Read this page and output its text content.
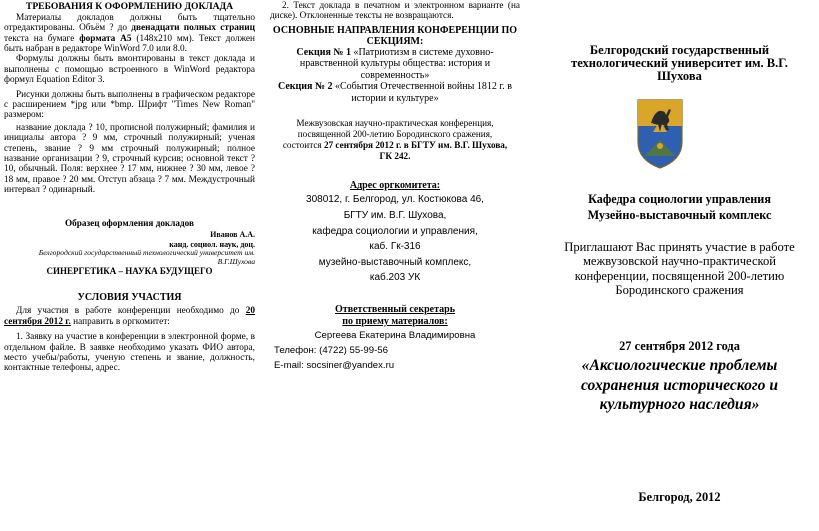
ТРЕБОВАНИЯ К ОФОРМЛЕНИЮ ДОКЛАДА

Материалы докладов должны быть тщательно отредактированы. Объём ? до двенадцати полных страниц текста на бумаге формата А5 (148x210 мм). Текст должен быть набран в редакторе WinWord 7.0 или 8.0.

Формулы должны быть вмонтированы в текст доклада и выполнены с помощью встроенного в WinWord редактора формул Equation Editor 3.

Рисунки должны быть выполнены в графическом редакторе с расширением *jpg или *bmp. Шрифт "Times New Roman" размером:

название доклада ? 10, прописной полужирный; фамилия и инициалы автора ? 9 мм, строчный полужирный; ученая степень, звание ? 9 мм строчный полужирный; полное название организации ? 9, строчный курсив; основной текст ? 10, обычный. Поля: верхнее ? 17 мм, нижнее ? 30 мм, левое ?18 мм, правое ? 20 мм. Отступ абзаца ? 7 мм. Междустрочный интервал ? одинарный.

Образец оформления докладов

Иванов А.А.

канд. социол. наук, доц.

Белгородский государственный технологический университет им. В.Г.Шухова

СИНЕРГЕТИКА – НАУКА БУДУЩЕГО

УСЛОВИЯ УЧАСТИЯ

Для участия в работе конференции необходимо до 20 сентября 2012 г. направить в оргкомитет:

1. Заявку на участие в конференции в электронной форме, в отдельном файле. В заявке необходимо указать ФИО автора, место учебы/работы, ученую степень и звание, должность, контактные телефоны, адрес.

2. Текст доклада в печатном и электронном варианте (на диске). Отклоненные тексты не возвращаются.

ОСНОВНЫЕ НАПРАВЛЕНИЯ КОНФЕРЕНЦИИ ПО СЕКЦИЯМ:

Секция № 1 «Патриотизм в системе духовно-нравственной культуры общества: история и современность»

Секция № 2 «События Отечественной войны 1812 г. в истории и культуре»

Межвузовская научно-практическая конференция, посвященной 200-летию Бородинского сражения, состоится 27 сентября 2012 г. в БГТУ им. В.Г. Шухова, ГК 242.

Адрес оргкомитета:

308012, г. Белгород, ул. Костюкова 46,

БГТУ им. В.Г. Шухова,

кафедра социологии и управления,

каб. Гк-316

музейно-выставочный комплекс,

каб.203 УК

Ответственный секретарь

по приему материалов:

Сергеева Екатерина Владимировна

Телефон: (4722) 55-99-56

E-mail: socsiner@yandex.ru

Белгородский государственный технологический университет им. В.Г. Шухова

Кафедра социологии управления

Музейно-выставочный комплекс

Приглашают Вас принять участие в работе межвузовской научно-практической конференции, посвященной 200-летию Бородинского сражения

27 сентября 2012 года

«Аксиологические проблемы сохранения исторического и культурного наследия»

Белгород, 2012
